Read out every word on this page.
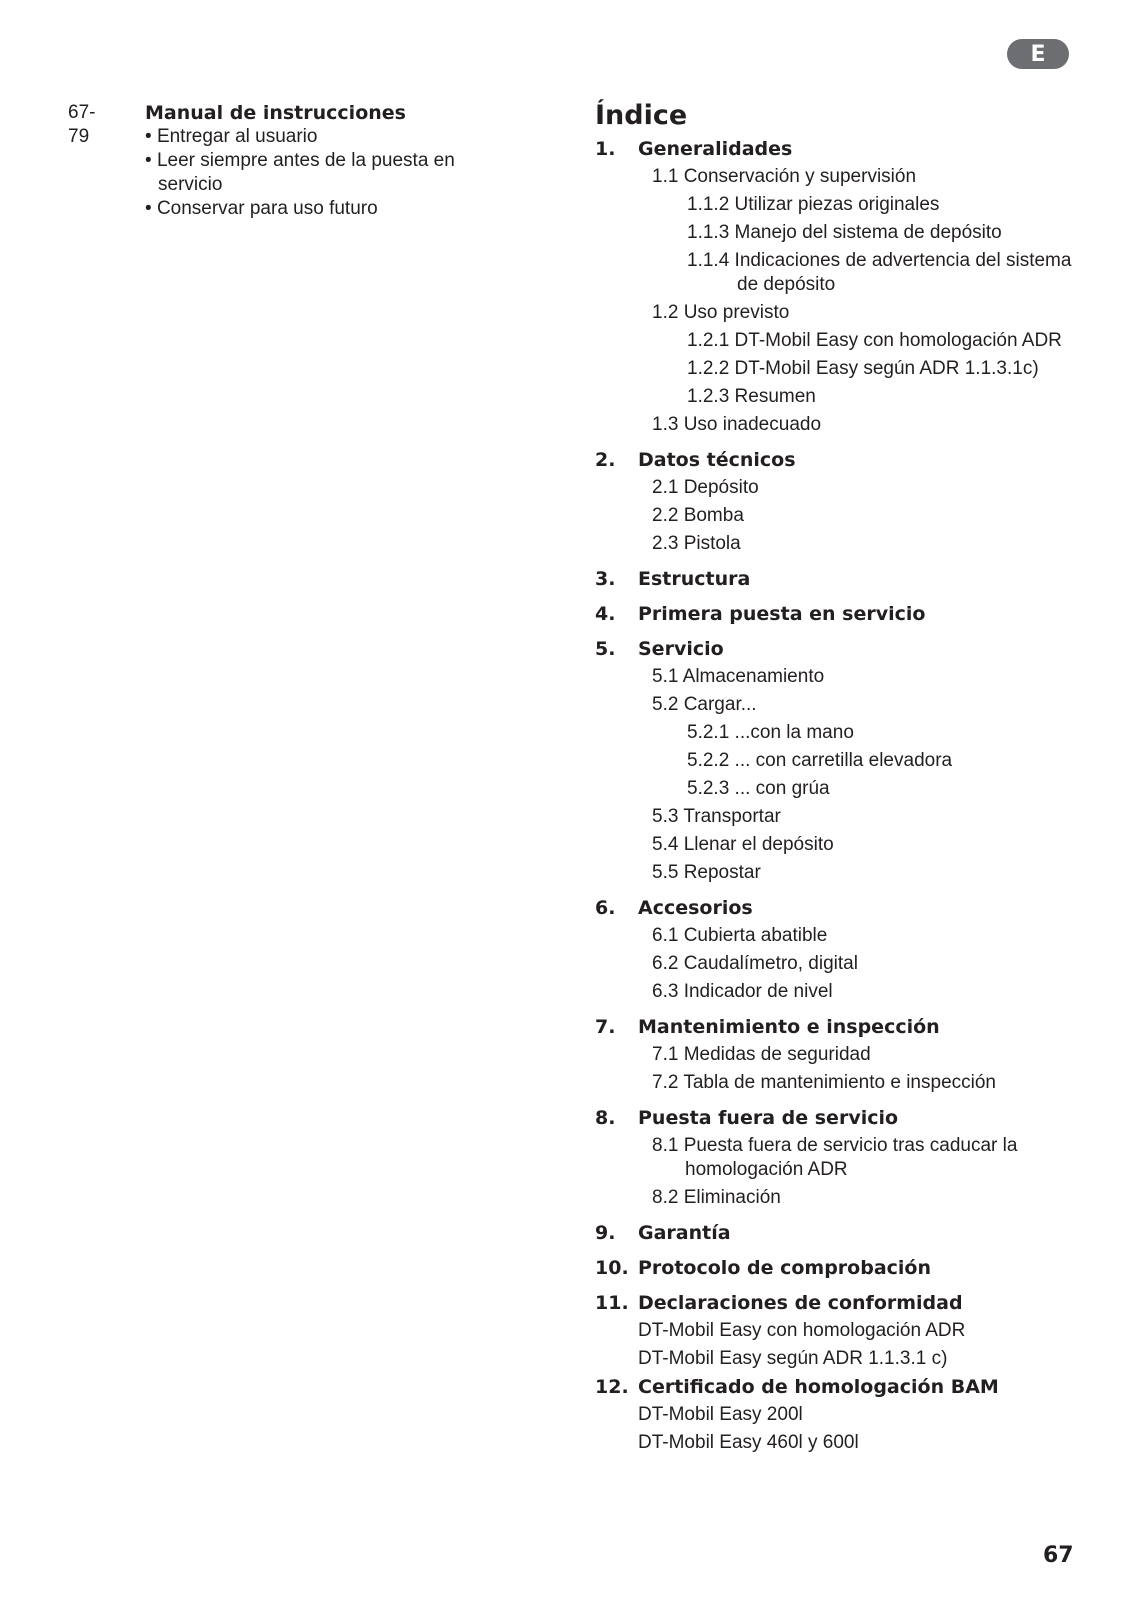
E
67-79
Manual de instrucciones
• Entregar al usuario
• Leer siempre antes de la puesta en servicio
• Conservar para uso futuro
Índice
1.	Generalidades
1.1 Conservación y supervisión
1.1.2 Utilizar piezas originales
1.1.3 Manejo del sistema de depósito
1.1.4 Indicaciones de advertencia del sistema de depósito
1.2 Uso previsto
1.2.1 DT-Mobil Easy con homologación ADR
1.2.2 DT-Mobil Easy según ADR 1.1.3.1c)
1.2.3 Resumen
1.3 Uso inadecuado
2.	Datos técnicos
2.1 Depósito
2.2 Bomba
2.3 Pistola
3.	Estructura
4.	Primera puesta en servicio
5.	Servicio
5.1 Almacenamiento
5.2 Cargar...
5.2.1 ...con la mano
5.2.2 ... con carretilla elevadora
5.2.3 ... con grúa
5.3 Transportar
5.4 Llenar el depósito
5.5 Repostar
6.	Accesorios
6.1 Cubierta abatible
6.2 Caudalímetro, digital
6.3 Indicador de nivel
7.	Mantenimiento e inspección
7.1 Medidas de seguridad
7.2 Tabla de mantenimiento e inspección
8.	Puesta fuera de servicio
8.1 Puesta fuera de servicio tras caducar la homologación ADR
8.2 Eliminación
9.	Garantía
10. Protocolo de comprobación
11. Declaraciones de conformidad
DT-Mobil Easy con homologación ADR
DT-Mobil Easy según ADR 1.1.3.1 c)
12. Certificado de homologación BAM
DT-Mobil Easy 200l
DT-Mobil Easy 460l y 600l
67
